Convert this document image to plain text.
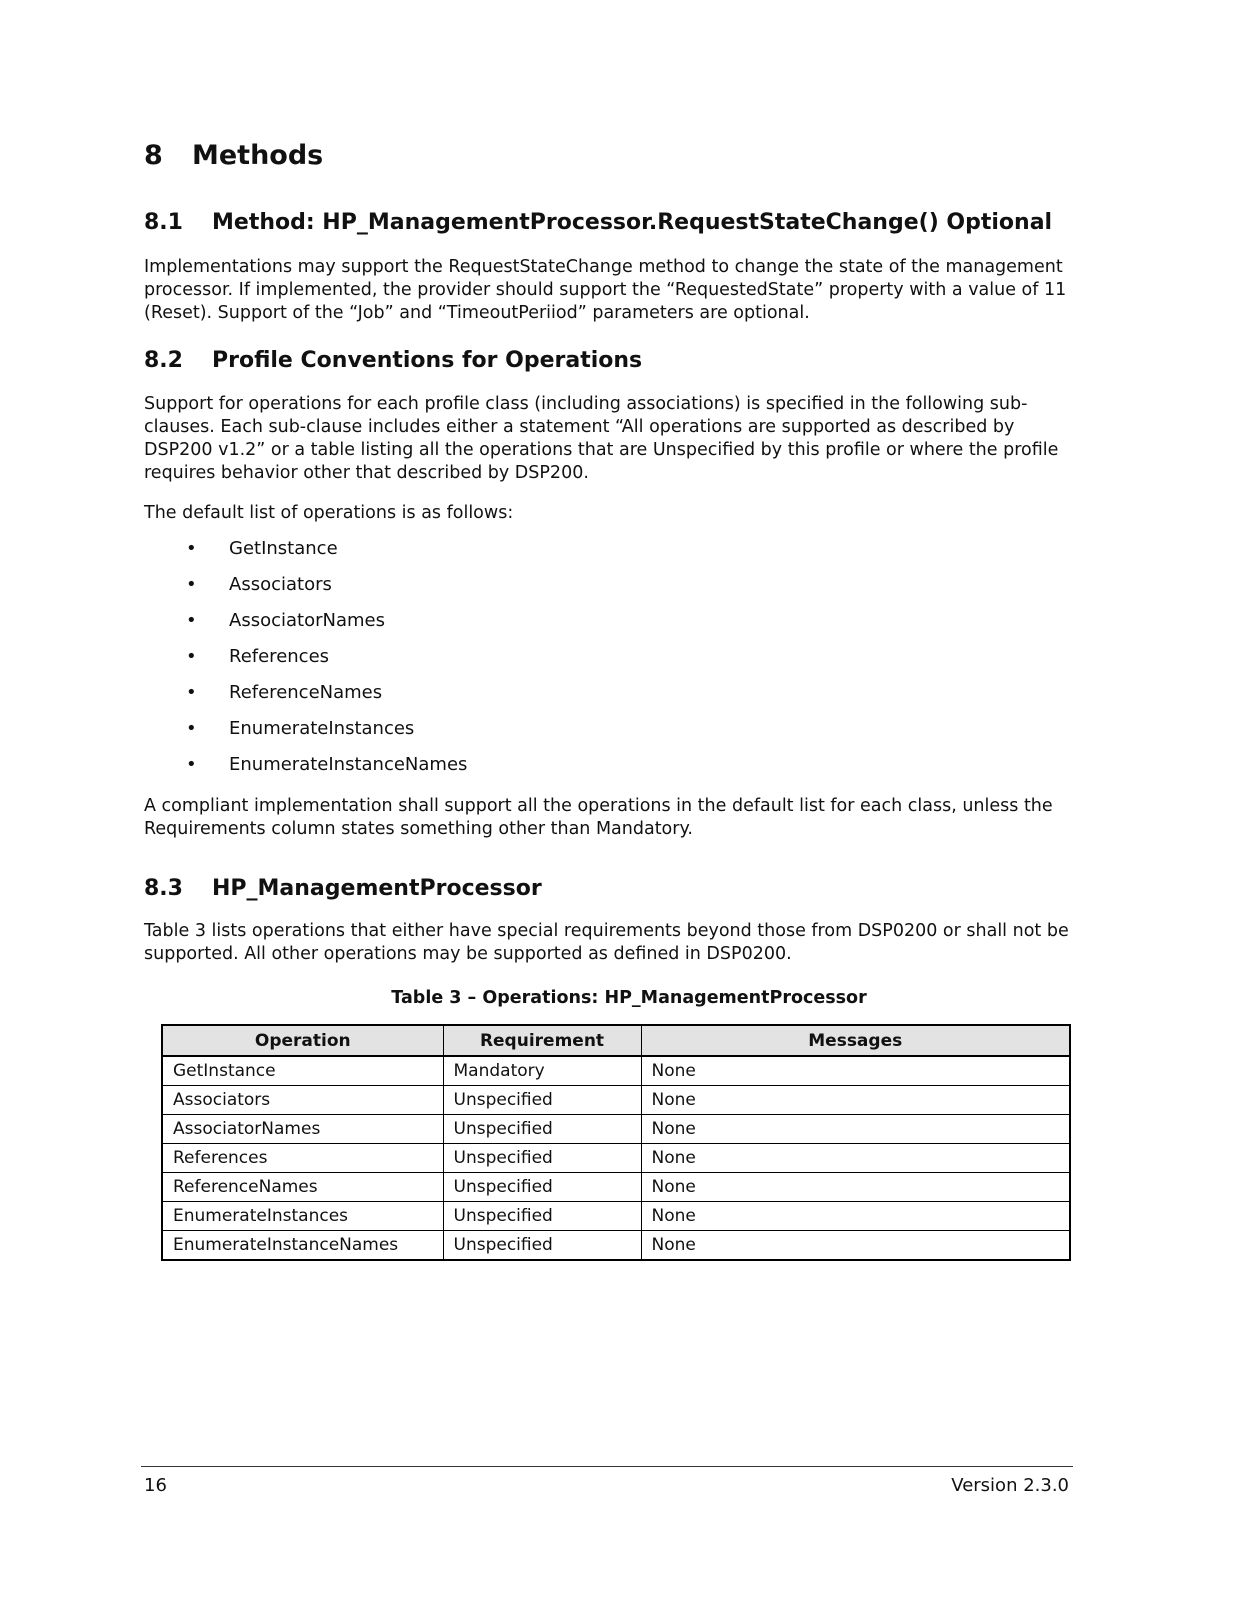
8 Methods
8.1 Method: HP_ManagementProcessor.RequestStateChange() Optional

Implementations may support the RequestStateChange method to change the state of the management processor. If implemented, the provider should support the “RequestedState” property with a value of 11 (Reset). Support of the “Job” and “TimeoutPeriiod” parameters are optional.

8.2 Profile Conventions for Operations

Support for operations for each profile class (including associations) is specified in the following sub-clauses. Each sub-clause includes either a statement “All operations are supported as described by DSP200 v1.2” or a table listing all the operations that are Unspecified by this profile or where the profile requires behavior other that described by DSP200.

The default list of operations is as follows:

• GetInstance
• Associators
• AssociatorNames
• References
• ReferenceNames
• EnumerateInstances
• EnumerateInstanceNames

A compliant implementation shall support all the operations in the default list for each class, unless the Requirements column states something other than Mandatory.

8.3 HP_ManagementProcessor

Table 3 lists operations that either have special requirements beyond those from DSP0200 or shall not be supported. All other operations may be supported as defined in DSP0200.

Table 3 – Operations: HP_ManagementProcessor
Operation	Requirement	Messages
GetInstance	Mandatory	None
Associators	Unspecified	None
AssociatorNames	Unspecified	None
References	Unspecified	None
ReferenceNames	Unspecified	None
EnumerateInstances	Unspecified	None
EnumerateInstanceNames	Unspecified	None
16	Version 2.3.0
